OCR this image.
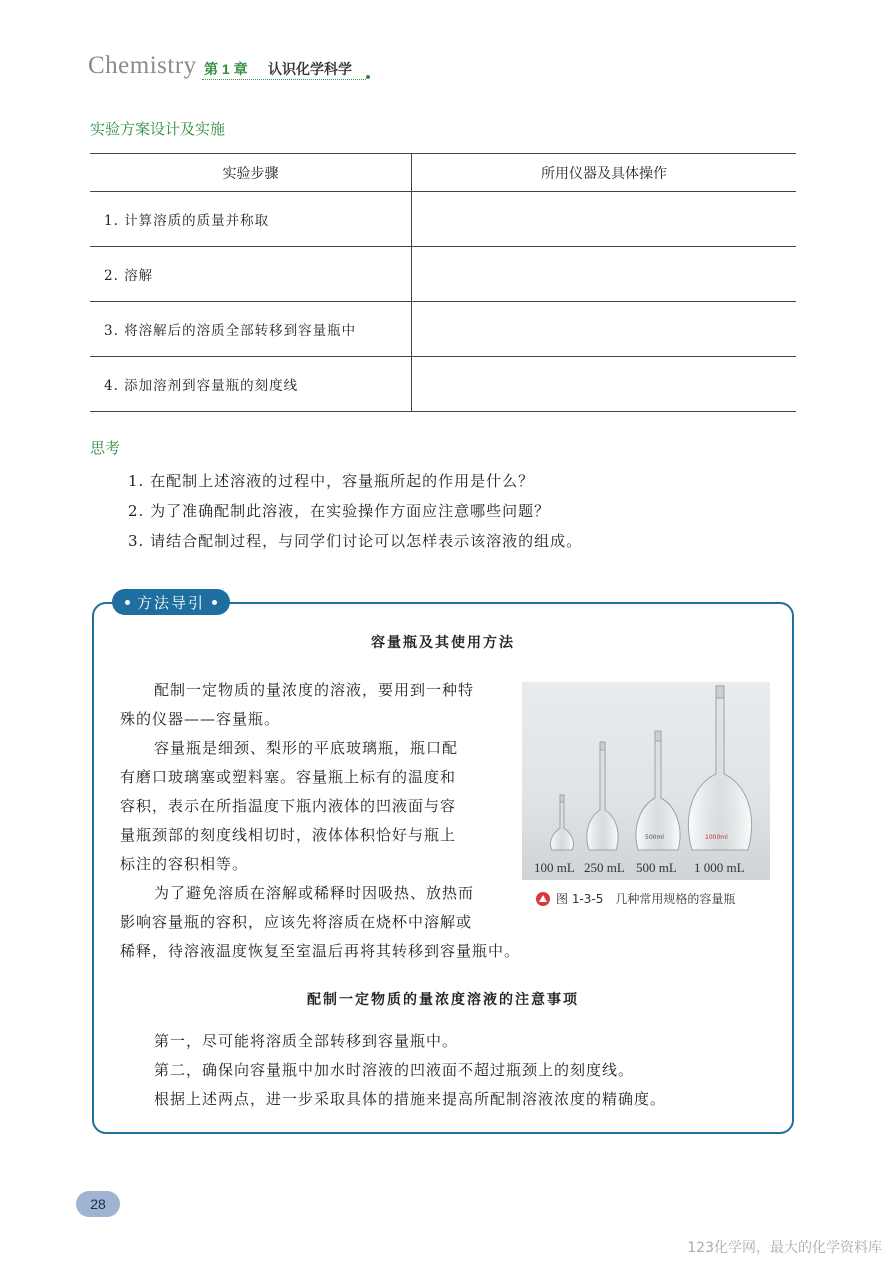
Chemistry 第 1 章 认识化学科学
实验方案设计及实施
实验步骤	所用仪器及具体操作
1. 计算溶质的质量并称取	
2. 溶解	
3. 将溶解后的溶质全部转移到容量瓶中	
4. 添加溶剂到容量瓶的刻度线	
思考
1. 在配制上述溶液的过程中，容量瓶所起的作用是什么？
2. 为了准确配制此溶液，在实验操作方面应注意哪些问题？
3. 请结合配制过程，与同学们讨论可以怎样表示该溶液的组成。
方法导引
容量瓶及其使用方法
配制一定物质的量浓度的溶液，要用到一种特
殊的仪器——容量瓶。
容量瓶是细颈、梨形的平底玻璃瓶，瓶口配
有磨口玻璃塞或塑料塞。容量瓶上标有的温度和
容积，表示在所指温度下瓶内液体的凹液面与容
量瓶颈部的刻度线相切时，液体体积恰好与瓶上
标注的容积相等。
为了避免溶质在溶解或稀释时因吸热、放热而
影响容量瓶的容积，应该先将溶质在烧杯中溶解或
稀释，待溶液温度恢复至室温后再将其转移到容量瓶中。
500ml	1000ml
100 mL 250 mL 500 mL 1 000 mL
图 1-3-5　几种常用规格的容量瓶
配制一定物质的量浓度溶液的注意事项
第一，尽可能将溶质全部转移到容量瓶中。
第二，确保向容量瓶中加水时溶液的凹液面不超过瓶颈上的刻度线。
根据上述两点，进一步采取具体的措施来提高所配制溶液浓度的精确度。
28
123化学网，最大的化学资料库
